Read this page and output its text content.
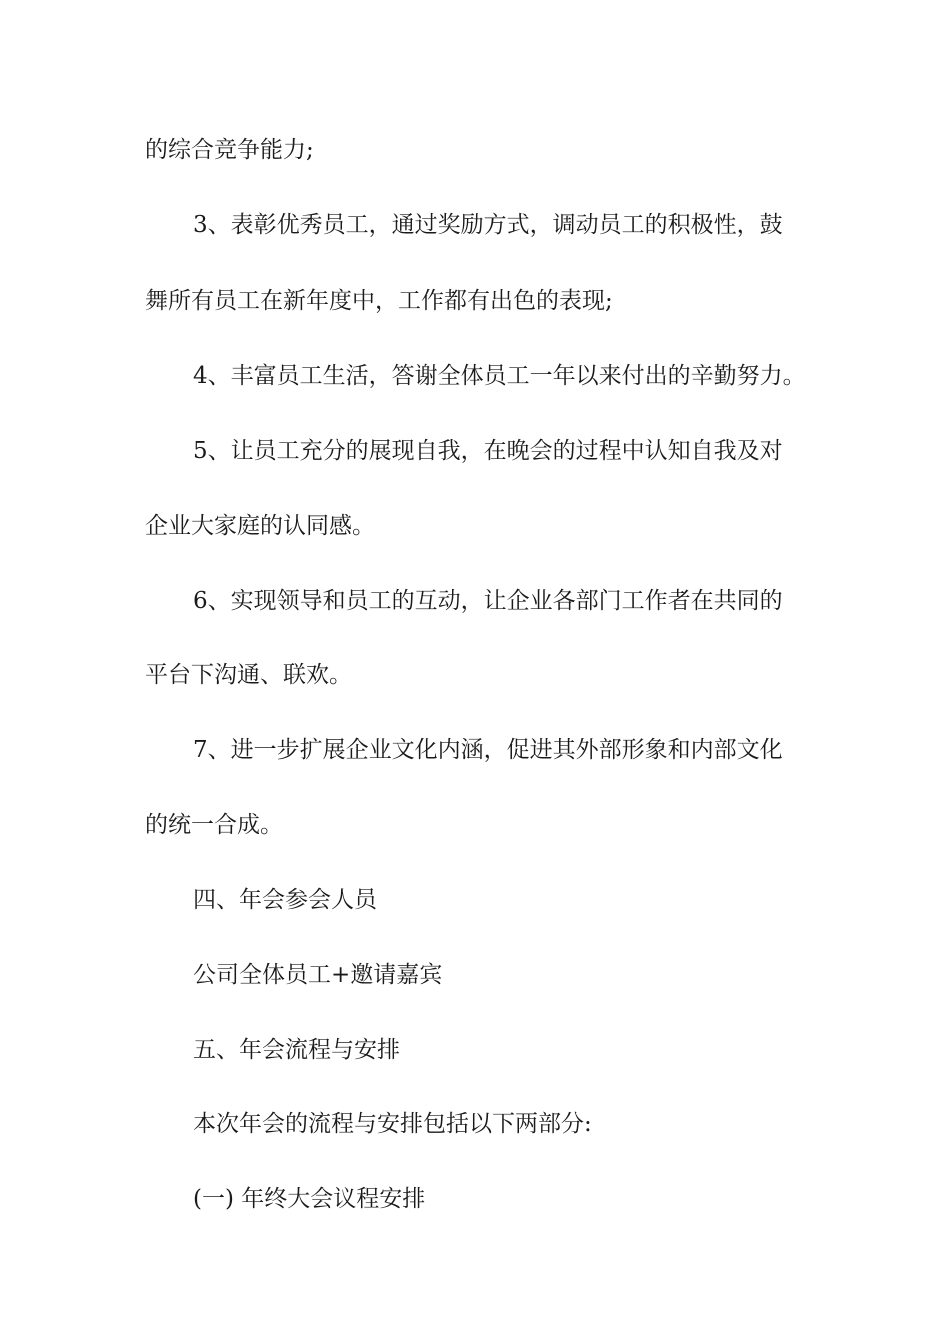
的综合竞争能力;
3、表彰优秀员工，通过奖励方式，调动员工的积极性，鼓
舞所有员工在新年度中，工作都有出色的表现;
4、丰富员工生活，答谢全体员工一年以来付出的辛勤努力。
5、让员工充分的展现自我，在晚会的过程中认知自我及对
企业大家庭的认同感。
6、实现领导和员工的互动，让企业各部门工作者在共同的
平台下沟通、联欢。
7、进一步扩展企业文化内涵，促进其外部形象和内部文化
的统一合成。
四、年会参会人员
公司全体员工+邀请嘉宾
五、年会流程与安排
本次年会的流程与安排包括以下两部分:
(一) 年终大会议程安排
